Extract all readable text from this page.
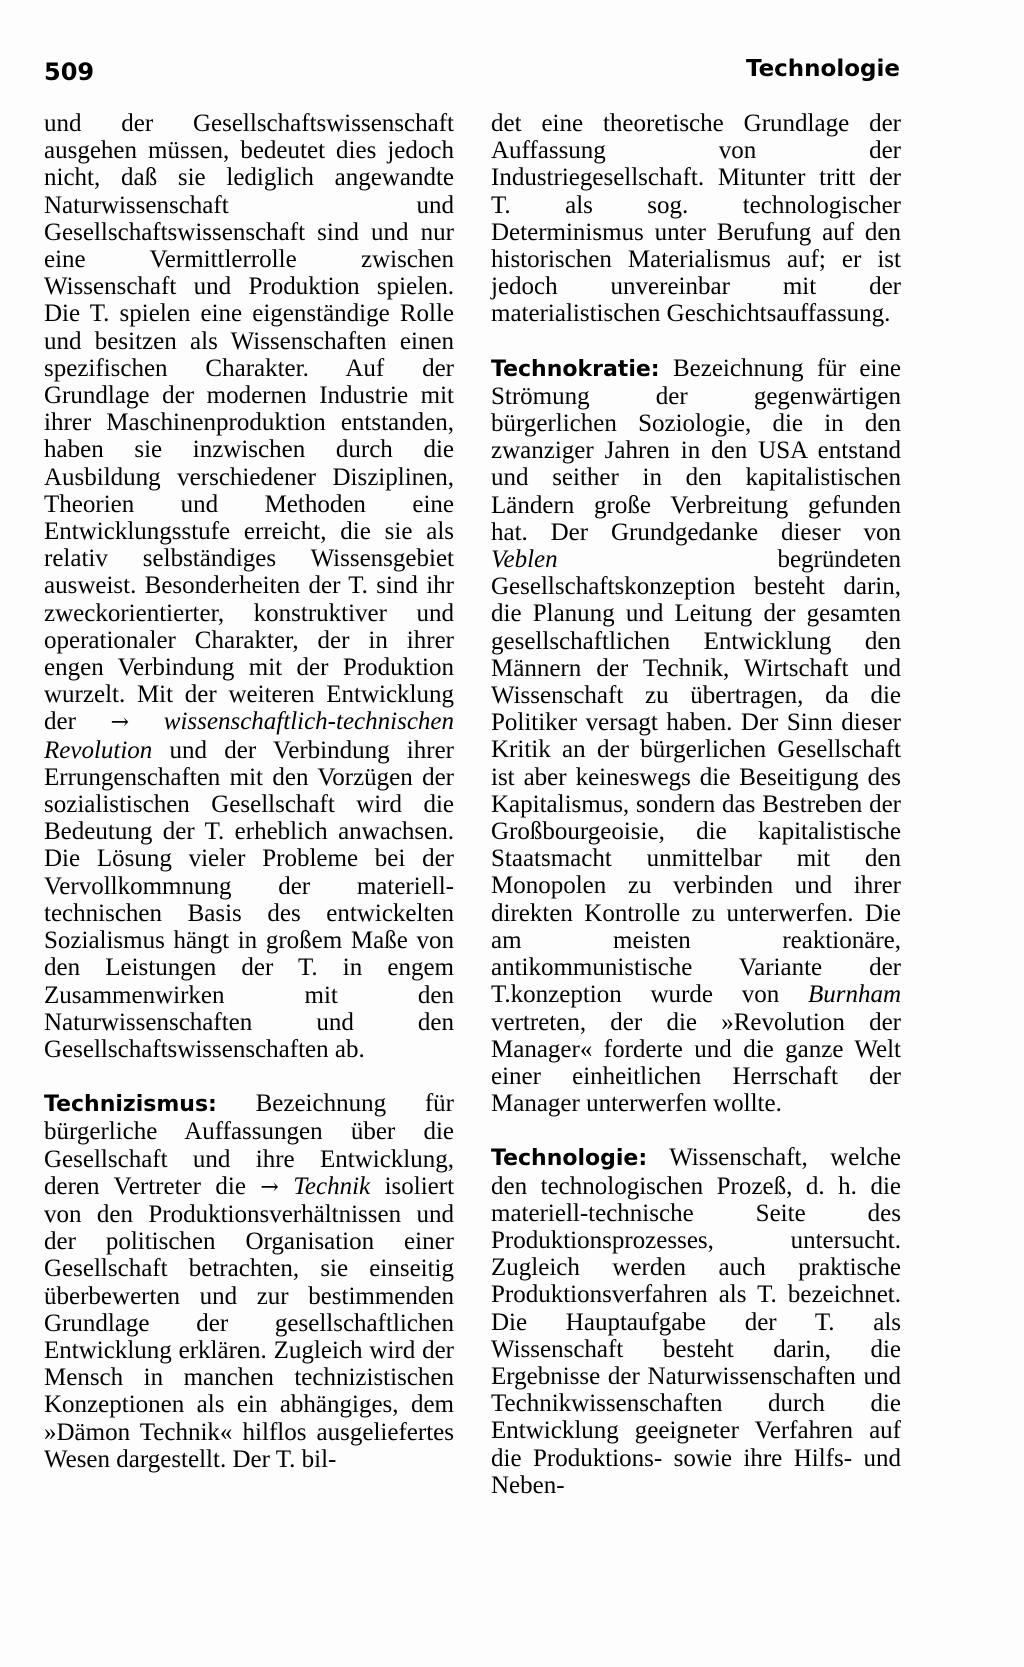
509	Technologie

und der Gesellschaftswissenschaft ausgehen müssen, bedeutet dies jedoch nicht, daß sie lediglich angewandte Naturwissenschaft und Gesellschaftswissenschaft sind und nur eine Vermittlerrolle zwischen Wissenschaft und Produktion spielen. Die T. spielen eine eigenständige Rolle und besitzen als Wissenschaften einen spezifischen Charakter. Auf der Grundlage der modernen Industrie mit ihrer Maschinenproduktion entstanden, haben sie inzwischen durch die Ausbildung verschiedener Disziplinen, Theorien und Methoden eine Entwicklungsstufe erreicht, die sie als relativ selbständiges Wissensgebiet ausweist. Besonderheiten der T. sind ihr zweckorientierter, konstruktiver und operationaler Charakter, der in ihrer engen Verbindung mit der Produktion wurzelt. Mit der weiteren Entwicklung der → wissenschaftlich-technischen Revolution und der Verbindung ihrer Errungenschaften mit den Vorzügen der sozialistischen Gesellschaft wird die Bedeutung der T. erheblich anwachsen. Die Lösung vieler Probleme bei der Vervollkommnung der materiell-technischen Basis des entwickelten Sozialismus hängt in großem Maße von den Leistungen der T. in engem Zusammenwirken mit den Naturwissenschaften und den Gesellschaftswissenschaften ab.

Technizismus: Bezeichnung für bürgerliche Auffassungen über die Gesellschaft und ihre Entwicklung, deren Vertreter die → Technik isoliert von den Produktionsverhältnissen und der politischen Organisation einer Gesellschaft betrachten, sie einseitig überbewerten und zur bestimmenden Grundlage der gesellschaftlichen Entwicklung erklären. Zugleich wird der Mensch in manchen technizistischen Konzeptionen als ein abhängiges, dem »Dämon Technik« hilflos ausgeliefertes Wesen dargestellt. Der T. bil-

det eine theoretische Grundlage der Auffassung von der Industriegesellschaft. Mitunter tritt der T. als sog. technologischer Determinismus unter Berufung auf den historischen Materialismus auf; er ist jedoch unvereinbar mit der materialistischen Geschichtsauffassung.

Technokratie: Bezeichnung für eine Strömung der gegenwärtigen bürgerlichen Soziologie, die in den zwanziger Jahren in den USA entstand und seither in den kapitalistischen Ländern große Verbreitung gefunden hat. Der Grundgedanke dieser von Veblen	begründeten Gesellschaftskonzeption besteht darin, die Planung und Leitung der gesamten gesellschaftlichen Entwicklung den Männern der Technik, Wirtschaft und Wissenschaft zu übertragen, da die Politiker versagt haben. Der Sinn dieser Kritik an der bürgerlichen Gesellschaft ist aber keineswegs die Beseitigung des Kapitalismus, sondern das Bestreben der Großbourgeoisie, die kapitalistische Staatsmacht unmittelbar mit den Monopolen zu verbinden und ihrer direkten Kontrolle zu unterwerfen. Die am meisten reaktionäre, antikommunistische Variante der T.konzeption wurde von Burnham vertreten, der die »Revolution der Manager« forderte und die ganze Welt einer einheitlichen Herrschaft der Manager unterwerfen wollte.

Technologie: Wissenschaft, welche den technologischen Prozeß, d. h. die materiell-technische Seite des Produktionsprozesses, untersucht. Zugleich werden auch praktische Produktionsverfahren als T. bezeichnet. Die Hauptaufgabe der T. als Wissenschaft besteht darin, die Ergebnisse der Naturwissenschaften und Technikwissenschaften durch die Entwicklung geeigneter Verfahren auf die Produktions- sowie ihre Hilfs- und Neben-
